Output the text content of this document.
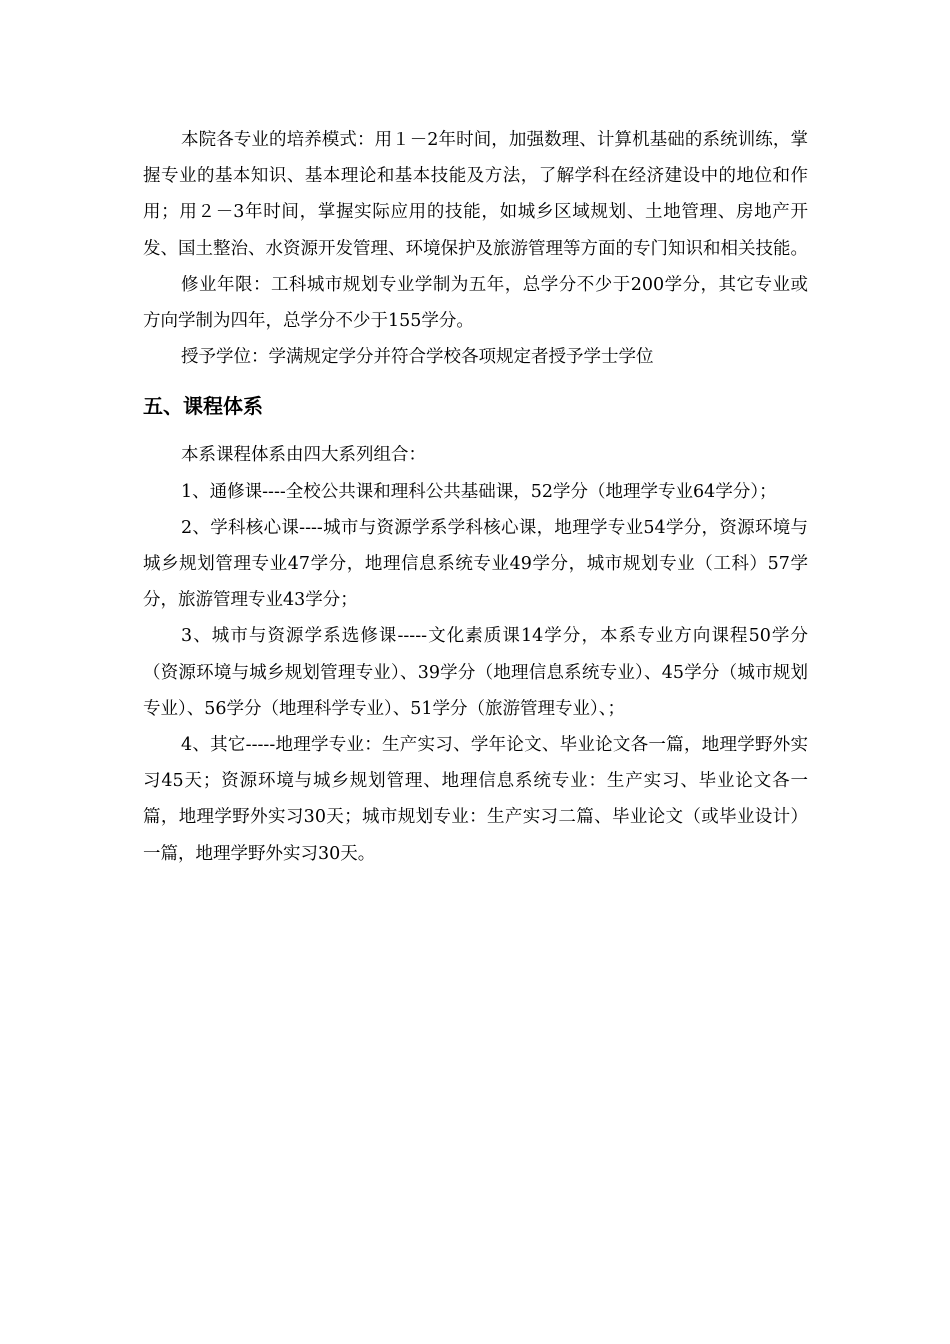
本院各专业的培养模式：用１－2年时间，加强数理、计算机基础的系统训练，掌握专业的基本知识、基本理论和基本技能及方法，了解学科在经济建设中的地位和作用；用２－3年时间，掌握实际应用的技能，如城乡区域规划、土地管理、房地产开发、国土整治、水资源开发管理、环境保护及旅游管理等方面的专门知识和相关技能。

修业年限：工科城市规划专业学制为五年，总学分不少于200学分，其它专业或方向学制为四年，总学分不少于155学分。

授予学位：学满规定学分并符合学校各项规定者授予学士学位

五、课程体系

本系课程体系由四大系列组合：

1、通修课----全校公共课和理科公共基础课，52学分（地理学专业64学分）；

2、学科核心课----城市与资源学系学科核心课，地理学专业54学分，资源环境与城乡规划管理专业47学分，地理信息系统专业49学分，城市规划专业（工科）57学分，旅游管理专业43学分；

3、城市与资源学系选修课-----文化素质课14学分，本系专业方向课程50学分（资源环境与城乡规划管理专业）、39学分（地理信息系统专业）、45学分（城市规划专业）、56学分（地理科学专业）、51学分（旅游管理专业）、；

4、其它-----地理学专业：生产实习、学年论文、毕业论文各一篇，地理学野外实习45天；资源环境与城乡规划管理、地理信息系统专业：生产实习、毕业论文各一篇，地理学野外实习30天；城市规划专业：生产实习二篇、毕业论文（或毕业设计）一篇，地理学野外实习30天。
